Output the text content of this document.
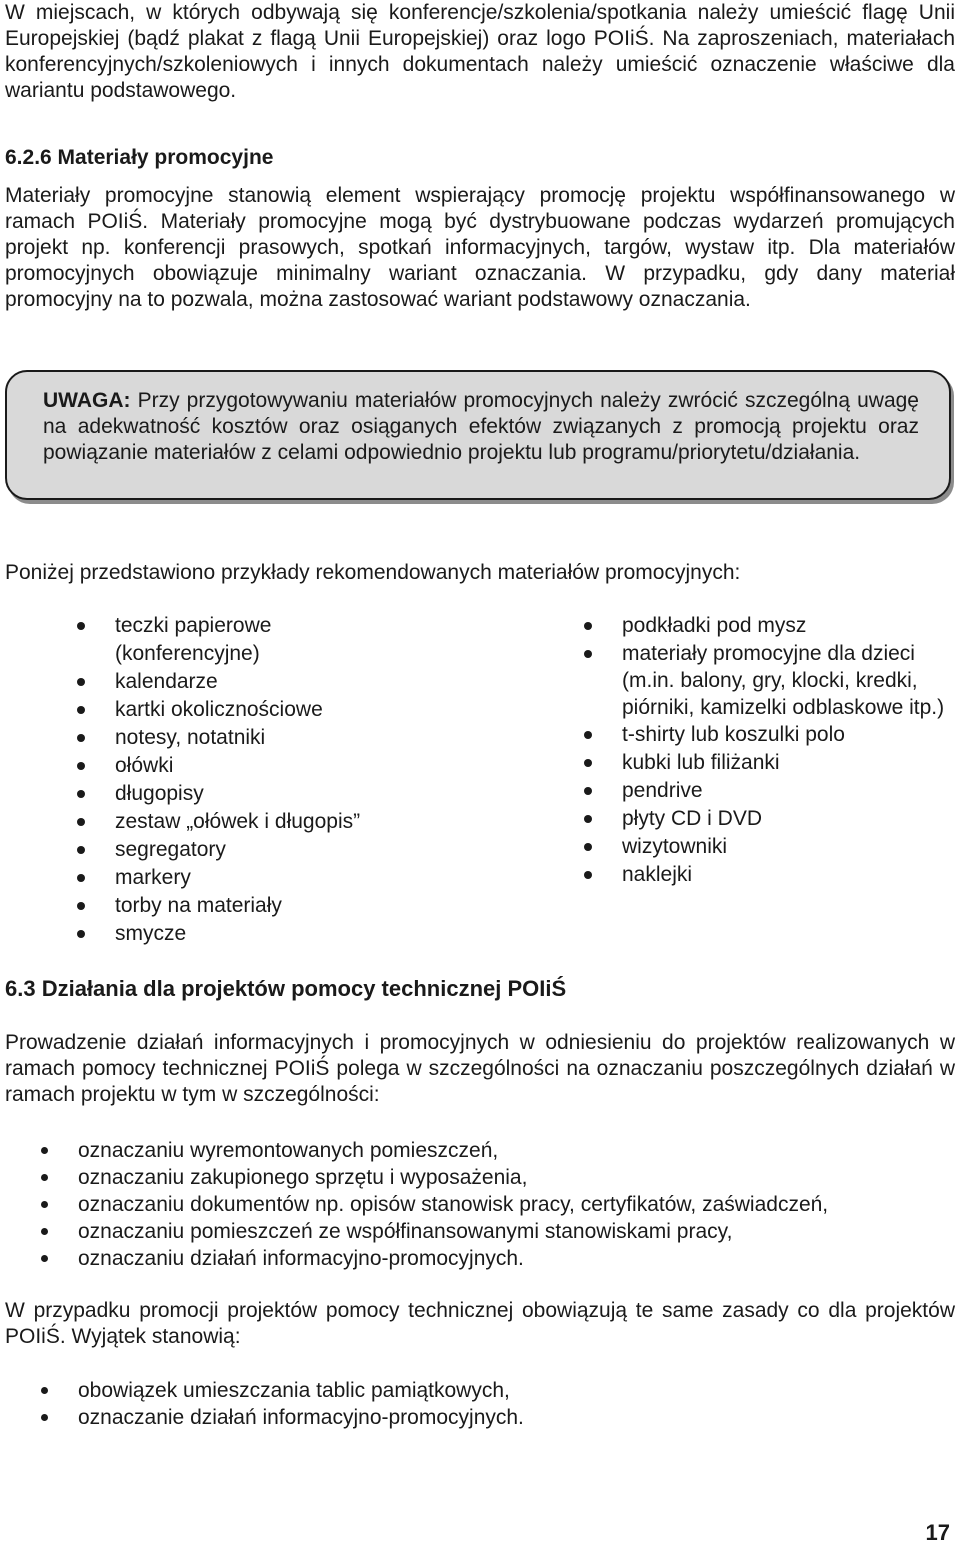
W miejscach, w których odbywają się konferencje/szkolenia/spotkania należy umieścić flagę Unii Europejskiej (bądź plakat z flagą Unii Europejskiej) oraz logo POIiŚ. Na zaproszeniach, materiałach konferencyjnych/szkoleniowych i innych dokumentach należy umieścić oznaczenie właściwe dla wariantu podstawowego.

6.2.6 Materiały promocyjne

Materiały promocyjne stanowią element wspierający promocję projektu współfinansowanego w ramach POIiŚ. Materiały promocyjne mogą być dystrybuowane podczas wydarzeń promujących projekt np. konferencji prasowych, spotkań informacyjnych, targów, wystaw itp. Dla materiałów promocyjnych obowiązuje minimalny wariant oznaczania. W przypadku, gdy dany materiał promocyjny na to pozwala, można zastosować wariant podstawowy oznaczania.

UWAGA: Przy przygotowywaniu materiałów promocyjnych należy zwrócić szczególną uwagę na adekwatność kosztów oraz osiąganych efektów związanych z promocją projektu oraz powiązanie materiałów z celami odpowiednio projektu lub programu/priorytetu/działania.

Poniżej przedstawiono przykłady rekomendowanych materiałów promocyjnych:

teczki papierowe (konferencyjne)
kalendarze
kartki okolicznościowe
notesy, notatniki
ołówki
długopisy
zestaw „ołówek i długopis”
segregatory
markery
torby na materiały
smycze
podkładki pod mysz
materiały promocyjne dla dzieci (m.in. balony, gry, klocki, kredki, piórniki, kamizelki odblaskowe itp.)
t-shirty lub koszulki polo
kubki lub filiżanki
pendrive
płyty CD i DVD
wizytowniki
naklejki

6.3 Działania dla projektów pomocy technicznej POIiŚ

Prowadzenie działań informacyjnych i promocyjnych w odniesieniu do projektów realizowanych w ramach pomocy technicznej POIiŚ polega w szczególności na oznaczaniu poszczególnych działań w ramach projektu w tym w szczególności:

oznaczaniu wyremontowanych pomieszczeń,
oznaczaniu zakupionego sprzętu i wyposażenia,
oznaczaniu dokumentów np. opisów stanowisk pracy, certyfikatów, zaświadczeń,
oznaczaniu pomieszczeń ze współfinansowanymi stanowiskami pracy,
oznaczaniu działań informacyjno-promocyjnych.

W przypadku promocji projektów pomocy technicznej obowiązują te same zasady co dla projektów POIiŚ. Wyjątek stanowią:

obowiązek umieszczania tablic pamiątkowych,
oznaczanie działań informacyjno-promocyjnych.

17
